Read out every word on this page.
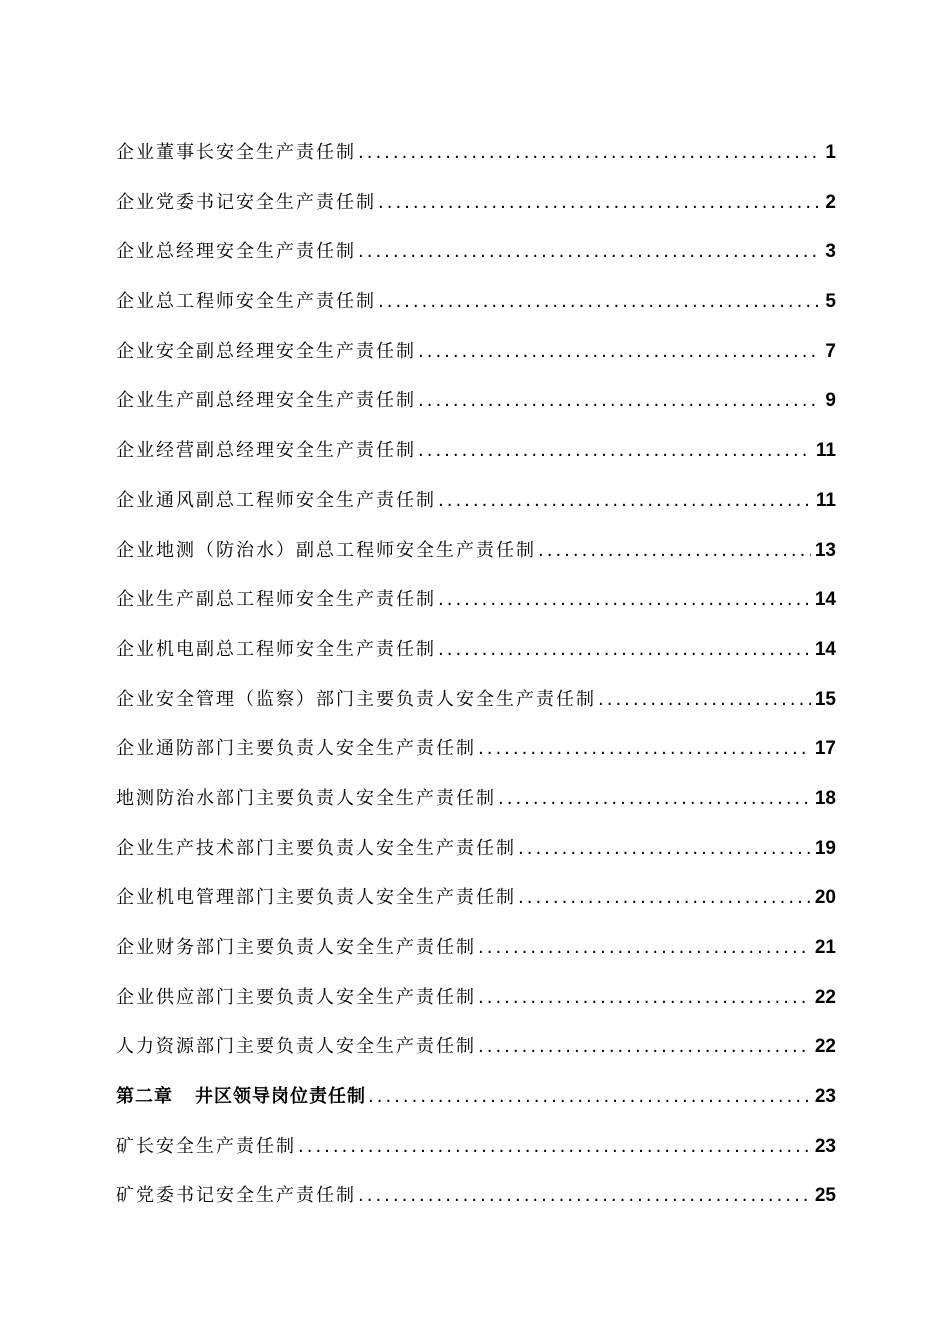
企业董事长安全生产责任制 .....	1
企业党委书记安全生产责任制 .....	2
企业总经理安全生产责任制 .....	3
企业总工程师安全生产责任制 .....	5
企业安全副总经理安全生产责任制 .....	7
企业生产副总经理安全生产责任制 .....	9
企业经营副总经理安全生产责任制 .....	11
企业通风副总工程师安全生产责任制 .....	11
企业地测（防治水）副总工程师安全生产责任制 .....	13
企业生产副总工程师安全生产责任制 .....	14
企业机电副总工程师安全生产责任制 .....	14
企业安全管理（监察）部门主要负责人安全生产责任制 .....	15
企业通防部门主要负责人安全生产责任制 .....	17
地测防治水部门主要负责人安全生产责任制 .....	18
企业生产技术部门主要负责人安全生产责任制 .....	19
企业机电管理部门主要负责人安全生产责任制 .....	20
企业财务部门主要负责人安全生产责任制 .....	21
企业供应部门主要负责人安全生产责任制 .....	22
人力资源部门主要负责人安全生产责任制 .....	22
第二章 井区领导岗位责任制 .....	23
矿长安全生产责任制 .....	23
矿党委书记安全生产责任制 .....	25
